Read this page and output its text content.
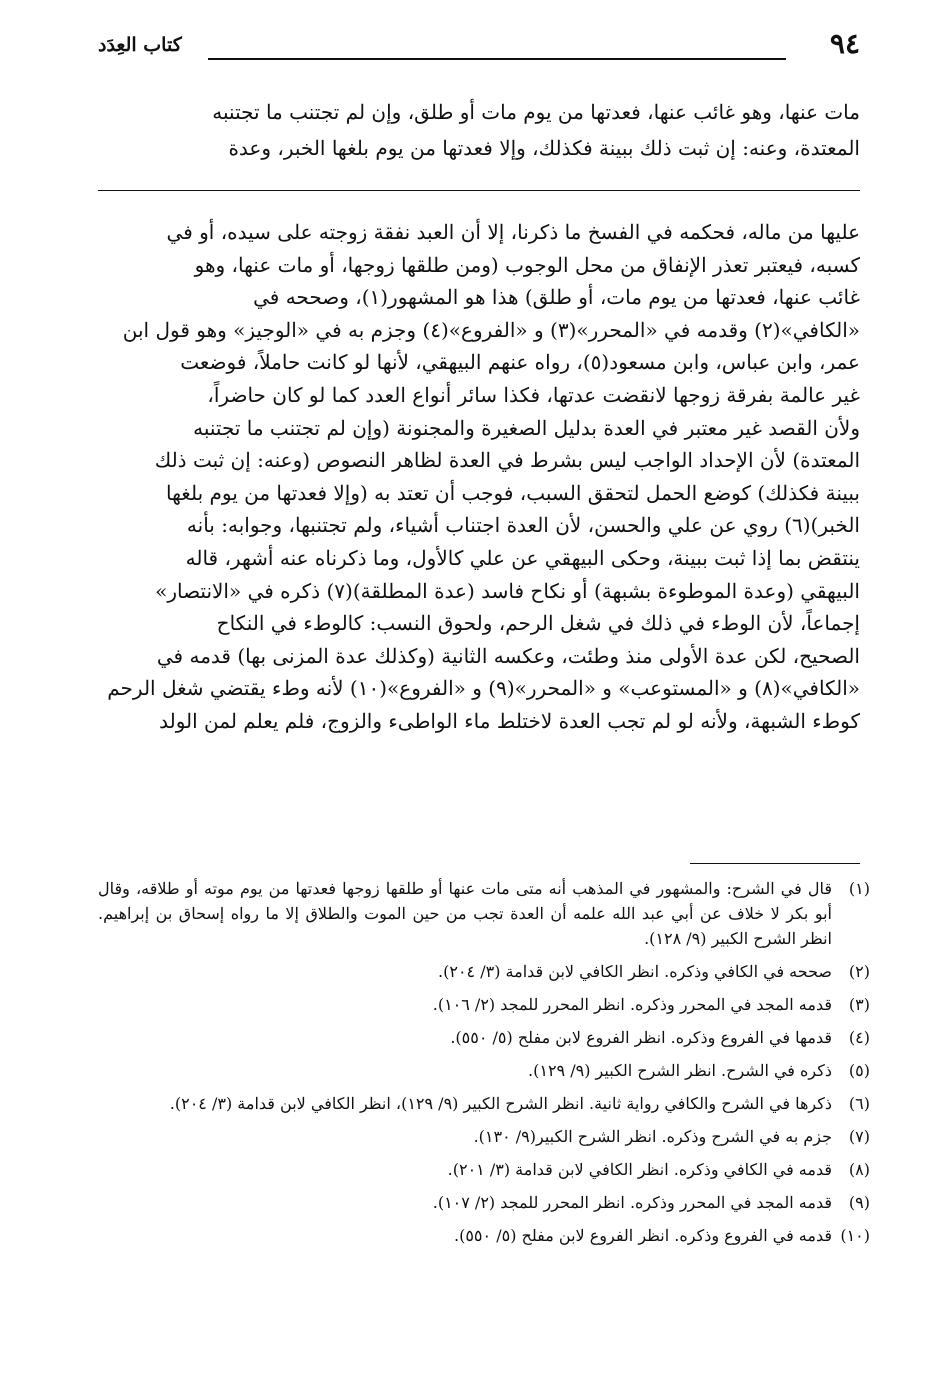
٩٤
كتاب العِدَد
مات عنها، وهو غائب عنها، فعدتها من يوم مات أو طلق، وإن لم تجتنب ما تجتنبه
المعتدة، وعنه: إن ثبت ذلك ببينة فكذلك، وإلا فعدتها من يوم بلغها الخبر، وعدة
عليها من ماله، فحكمه في الفسخ ما ذكرنا، إلا أن العبد نفقة زوجته على سيده، أو في
كسبه، فيعتبر تعذر الإنفاق من محل الوجوب (ومن طلقها زوجها، أو مات عنها، وهو
غائب عنها، فعدتها من يوم مات، أو طلق) هذا هو المشهور(١)، وصححه في
«الكافي»(٢) وقدمه في «المحرر»(٣) و «الفروع»(٤) وجزم به في «الوجيز» وهو قول ابن
عمر، وابن عباس، وابن مسعود(٥)، رواه عنهم البيهقي، لأنها لو كانت حاملاً، فوضعت
غير عالمة بفرقة زوجها لانقضت عدتها، فكذا سائر أنواع العدد كما لو كان حاضراً،
ولأن القصد غير معتبر في العدة بدليل الصغيرة والمجنونة (وإن لم تجتنب ما تجتنبه
المعتدة) لأن الإحداد الواجب ليس بشرط في العدة لظاهر النصوص (وعنه: إن ثبت ذلك
ببينة فكذلك) كوضع الحمل لتحقق السبب، فوجب أن تعتد به (وإلا فعدتها من يوم بلغها
الخبر)(٦) روي عن علي والحسن، لأن العدة اجتناب أشياء، ولم تجتنبها، وجوابه: بأنه
ينتقض بما إذا ثبت ببينة، وحكى البيهقي عن علي كالأول، وما ذكرناه عنه أشهر، قاله
البيهقي (وعدة الموطوءة بشبهة) أو نكاح فاسد (عدة المطلقة)(٧) ذكره في «الانتصار»
إجماعاً، لأن الوطء في ذلك في شغل الرحم، ولحوق النسب: كالوطء في النكاح
الصحيح، لكن عدة الأولى منذ وطئت، وعكسه الثانية (وكذلك عدة المزنى بها) قدمه في
«الكافي»(٨) و «المستوعب» و «المحرر»(٩) و «الفروع»(١٠) لأنه وطء يقتضي شغل الرحم
كوطء الشبهة، ولأنه لو لم تجب العدة لاختلط ماء الواطىء والزوج، فلم يعلم لمن الولد
(١)
قال في الشرح: والمشهور في المذهب أنه متى مات عنها أو طلقها زوجها فعدتها من يوم موته أو طلاقه، وقال أبو بكر لا خلاف عن أبي عبد الله علمه أن العدة تجب من حين الموت والطلاق إلا ما رواه إسحاق بن إبراهيم. انظر الشرح الكبير (٩/ ١٢٨).
(٢)
صححه في الكافي وذكره. انظر الكافي لابن قدامة (٣/ ٢٠٤).
(٣)
قدمه المجد في المحرر وذكره. انظر المحرر للمجد (٢/ ١٠٦).
(٤)
قدمها في الفروع وذكره. انظر الفروع لابن مفلح (٥/ ٥٥٠).
(٥)
ذكره في الشرح. انظر الشرح الكبير (٩/ ١٢٩).
(٦)
ذكرها في الشرح والكافي رواية ثانية. انظر الشرح الكبير (٩/ ١٢٩)، انظر الكافي لابن قدامة (٣/ ٢٠٤).
(٧)
جزم به في الشرح وذكره. انظر الشرح الكبير(٩/ ١٣٠).
(٨)
قدمه في الكافي وذكره. انظر الكافي لابن قدامة (٣/ ٢٠١).
(٩)
قدمه المجد في المحرر وذكره. انظر المحرر للمجد (٢/ ١٠٧).
(١٠)
قدمه في الفروع وذكره. انظر الفروع لابن مفلح (٥/ ٥٥٠).
